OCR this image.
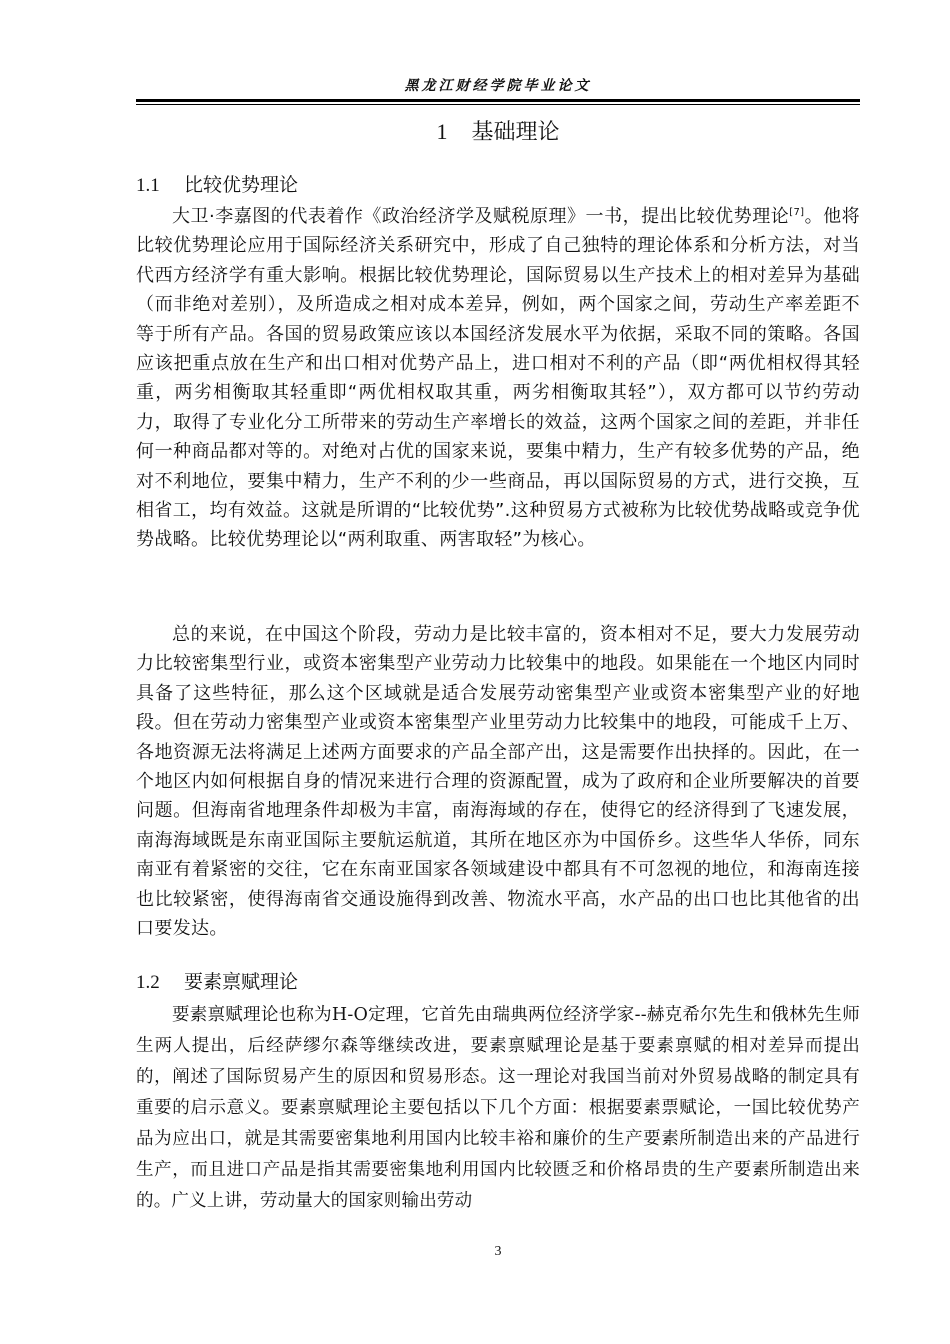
黑龙江财经学院毕业论文
1 基础理论
1.1 比较优势理论

大卫·李嘉图的代表着作《政治经济学及赋税原理》一书，提出比较优势理论[7]。他将比较优势理论应用于国际经济关系研究中，形成了自己独特的理论体系和分析方法，对当代西方经济学有重大影响。根据比较优势理论，国际贸易以生产技术上的相对差异为基础（而非绝对差别），及所造成之相对成本差异，例如，两个国家之间，劳动生产率差距不等于所有产品。各国的贸易政策应该以本国经济发展水平为依据，采取不同的策略。各国应该把重点放在生产和出口相对优势产品上，进口相对不利的产品（即“两优相权得其轻重，两劣相衡取其轻重即“两优相权取其重，两劣相衡取其轻”），双方都可以节约劳动力，取得了专业化分工所带来的劳动生产率增长的效益，这两个国家之间的差距，并非任何一种商品都对等的。对绝对占优的国家来说，要集中精力，生产有较多优势的产品，绝对不利地位，要集中精力，生产不利的少一些商品，再以国际贸易的方式，进行交换，互相省工，均有效益。这就是所谓的“比较优势”.这种贸易方式被称为比较优势战略或竞争优势战略。比较优势理论以“两利取重、两害取轻”为核心。

总的来说，在中国这个阶段，劳动力是比较丰富的，资本相对不足，要大力发展劳动力比较密集型行业，或资本密集型产业劳动力比较集中的地段。如果能在一个地区内同时具备了这些特征，那么这个区域就是适合发展劳动密集型产业或资本密集型产业的好地段。但在劳动力密集型产业或资本密集型产业里劳动力比较集中的地段，可能成千上万、各地资源无法将满足上述两方面要求的产品全部产出，这是需要作出抉择的。因此，在一个地区内如何根据自身的情况来进行合理的资源配置，成为了政府和企业所要解决的首要问题。但海南省地理条件却极为丰富，南海海域的存在，使得它的经济得到了飞速发展，南海海域既是东南亚国际主要航运航道，其所在地区亦为中国侨乡。这些华人华侨，同东南亚有着紧密的交往，它在东南亚国家各领域建设中都具有不可忽视的地位，和海南连接也比较紧密，使得海南省交通设施得到改善、物流水平高，水产品的出口也比其他省的出口要发达。

1.2 要素禀赋理论

要素禀赋理论也称为H-O定理，它首先由瑞典两位经济学家--赫克希尔先生和俄林先生师生两人提出，后经萨缪尔森等继续改进，要素禀赋理论是基于要素禀赋的相对差异而提出的，阐述了国际贸易产生的原因和贸易形态。这一理论对我国当前对外贸易战略的制定具有重要的启示意义。要素禀赋理论主要包括以下几个方面：根据要素票赋论，一国比较优势产品为应出口，就是其需要密集地利用国内比较丰裕和廉价的生产要素所制造出来的产品进行生产，而且进口产品是指其需要密集地利用国内比较匮乏和价格昂贵的生产要素所制造出来的。广义上讲，劳动量大的国家则输出劳动

3
